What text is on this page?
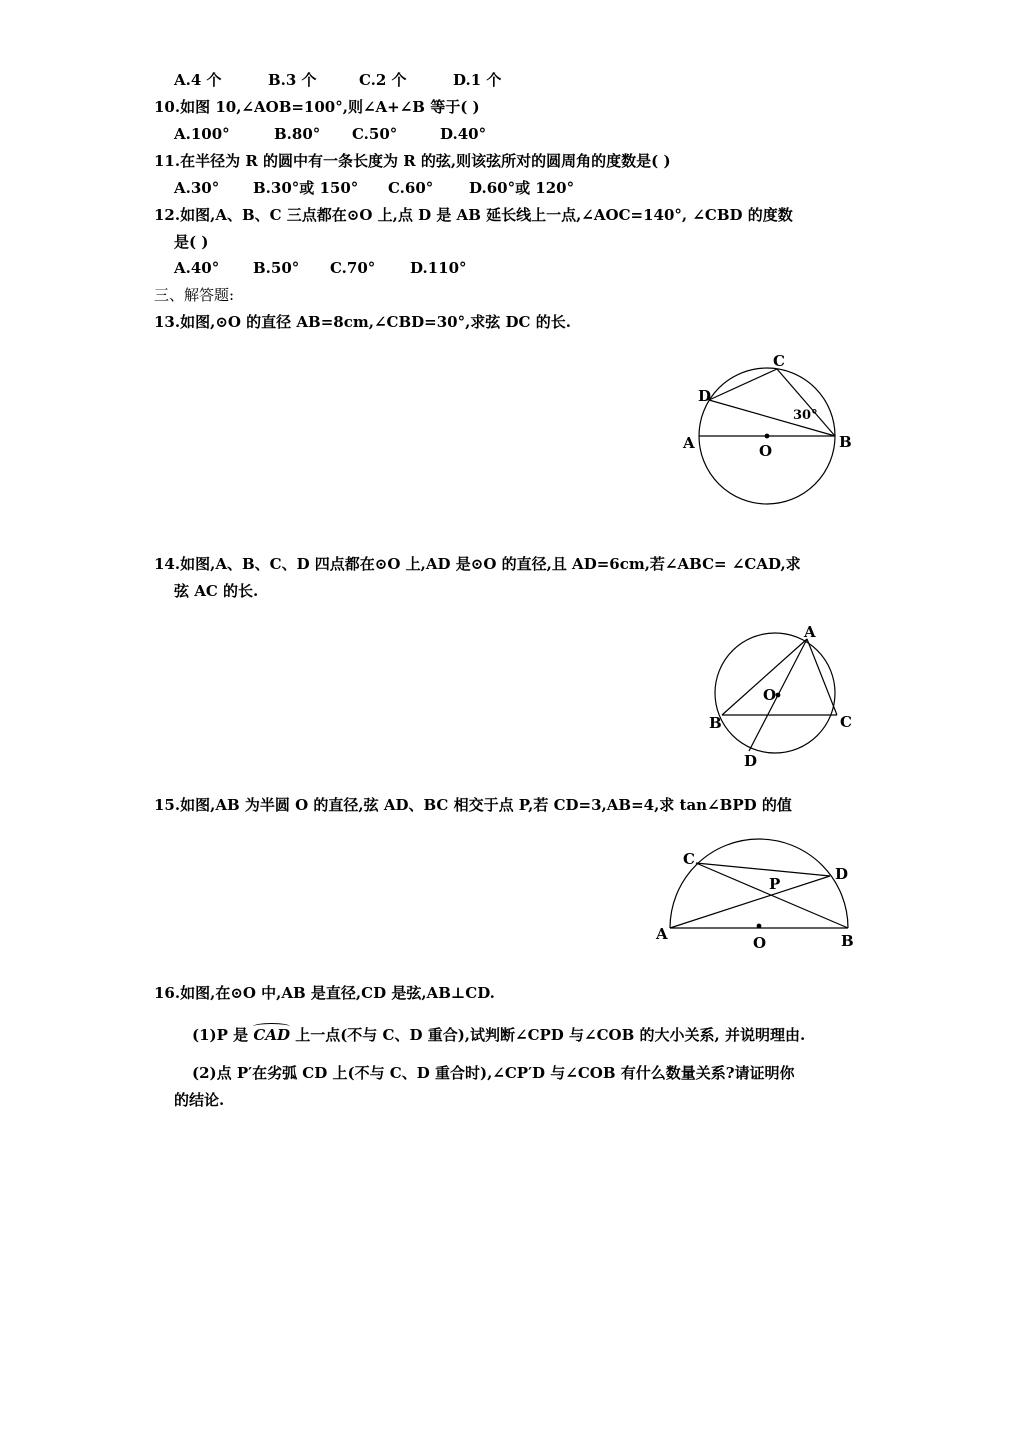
A.4 个	B.3 个	C.2 个	D.1 个
10.如图 10,∠AOB=100°,则∠A+∠B 等于( )
A.100°	B.80° C.50°	D.40°
11.在半径为 R 的圆中有一条长度为 R 的弦,则该弦所对的圆周角的度数是( )
A.30° B.30°或 150° C.60° D.60°或 120°
12.如图,A、B、C 三点都在⊙O 上,点 D 是 AB 延长线上一点,∠AOC=140°, ∠CBD 的度数
是( )
A.40° B.50° C.70° D.110°
三、解答题:
13.如图,⊙O 的直径 AB=8cm,∠CBD=30°,求弦 DC 的长.
C
D
A	B
O
30°
14.如图,A、B、C、D 四点都在⊙O 上,AD 是⊙O 的直径,且 AD=6cm,若∠ABC= ∠CAD,求
弦 AC 的长.
A
O
B	C
D
15.如图,AB 为半圆 O 的直径,弦 AD、BC 相交于点 P,若 CD=3,AB=4,求 tan∠BPD 的值
C
D
P
A	O	B
16.如图,在⊙O 中,AB 是直径,CD 是弦,AB⊥CD.
(1)P 是 CAD 上一点(不与 C、D 重合),试判断∠CPD 与∠COB 的大小关系, 并说明理由.
(2)点 P′在劣弧 CD 上(不与 C、D 重合时),∠CP′D 与∠COB 有什么数量关系?请证明你
的结论.
